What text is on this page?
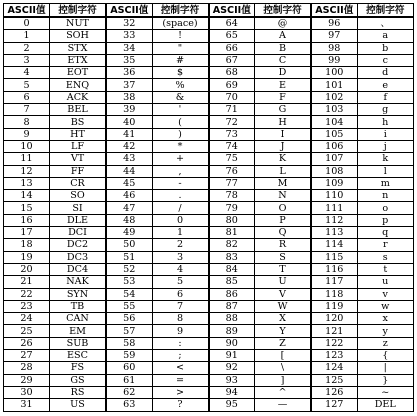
ASCII值	控制字符	ASCII值	控制字符	ASCII值	控制字符	ASCII值	控制字符
0	NUT	32	(space)	64	@	96	、
1	SOH	33	!	65	A	97	a
2	STX	34	"	66	B	98	b
3	ETX	35	#	67	C	99	c
4	EOT	36	$	68	D	100	d
5	ENQ	37	%	69	E	101	e
6	ACK	38	&	70	F	102	f
7	BEL	39	'	71	G	103	g
8	BS	40	(	72	H	104	h
9	HT	41	)	73	I	105	i
10	LF	42	*	74	J	106	j
11	VT	43	+	75	K	107	k
12	FF	44	,	76	L	108	l
13	CR	45	-	77	M	109	m
14	SO	46	.	78	N	110	n
15	SI	47	/	79	O	111	o
16	DLE	48	0	80	P	112	p
17	DCI	49	1	81	Q	113	q
18	DC2	50	2	82	R	114	r
19	DC3	51	3	83	S	115	s
20	DC4	52	4	84	T	116	t
21	NAK	53	5	85	U	117	u
22	SYN	54	6	86	V	118	v
23	TB	55	7	87	W	119	w
24	CAN	56	8	88	X	120	x
25	EM	57	9	89	Y	121	y
26	SUB	58	:	90	Z	122	z
27	ESC	59	;	91	[	123	{
28	FS	60	<	92	\	124	|
29	GS	61	=	93	]	125	}
30	RS	62	>	94	^	126	~
31	US	63	?	95	—	127	DEL
